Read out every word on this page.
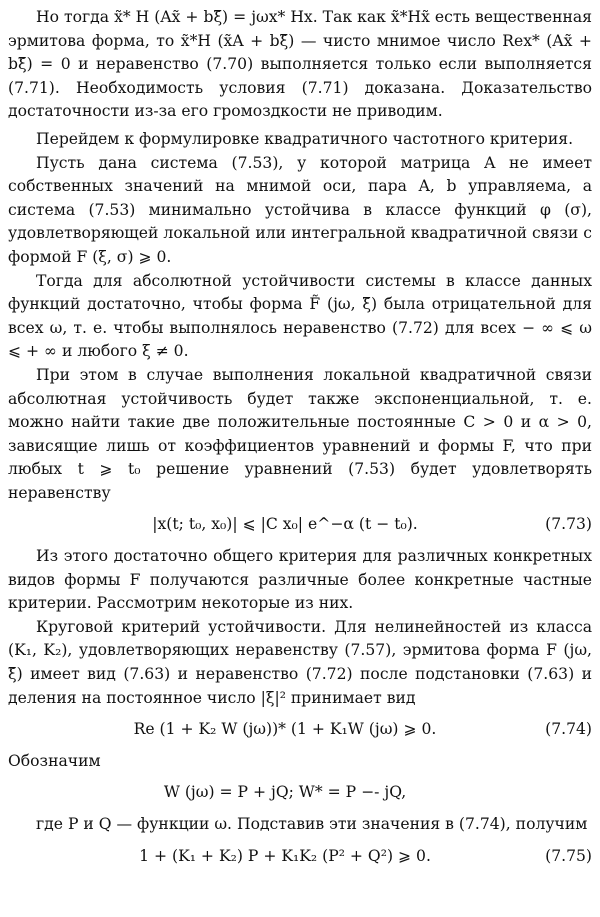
Но тогда x̃* H (Ax̃ + bξ̃) = jωx* Hx. Так как x̃*Hx̃ есть вещественная эрмитова форма, то x̃*H (x̃A + bξ̃) — чисто мнимое число Rex* (Ax̃ + bξ̃) = 0 и неравенство (7.70) выполняется только если выполняется (7.71). Необходимость условия (7.71) доказана. Доказательство достаточности из-за его громоздкости не приводим.

Перейдем к формулировке квадратичного частотного критерия.

Пусть дана система (7.53), у которой матрица A не имеет собственных значений на мнимой оси, пара A, b управляема, а система (7.53) минимально устойчива в классе функций φ (σ), удовлетворяющей локальной или интегральной квадратичной связи с формой F (ξ, σ) ⩾ 0.

Тогда для абсолютной устойчивости системы в классе данных функций достаточно, чтобы форма F̃ (jω, ξ̃) была отрицательной для всех ω, т. е. чтобы выполнялось неравенство (7.72) для всех − ∞ ⩽ ω ⩽ + ∞ и любого ξ ≠ 0.

При этом в случае выполнения локальной квадратичной связи абсолютная устойчивость будет также экспоненциальной, т. е. можно найти такие две положительные постоянные C > 0 и α > 0, зависящие лишь от коэффициентов уравнений и формы F, что при любых t ⩾ t₀ решение уравнений (7.53) будет удовлетворять неравенству

|x(t; t₀, x₀)| ⩽ |C x₀| e^−α (t − t₀).	(7.73)

Из этого достаточно общего критерия для различных конкретных видов формы F получаются различные более конкретные частные критерии. Рассмотрим некоторые из них.

Круговой критерий устойчивости. Для нелинейностей из класса (K₁, K₂), удовлетворяющих неравенству (7.57), эрмитова форма F (jω, ξ̃) имеет вид (7.63) и неравенство (7.72) после подстановки (7.63) и деления на постоянное число |ξ|² принимает вид

Re (1 + K₂ W (jω))* (1 + K₁W (jω) ⩾ 0.	(7.74)

Обозначим

W (jω) = P + jQ; W* = P −- jQ,

где P и Q — функции ω. Подставив эти значения в (7.74), получим

1 + (K₁ + K₂) P + K₁K₂ (P² + Q²) ⩾ 0.	(7.75)
